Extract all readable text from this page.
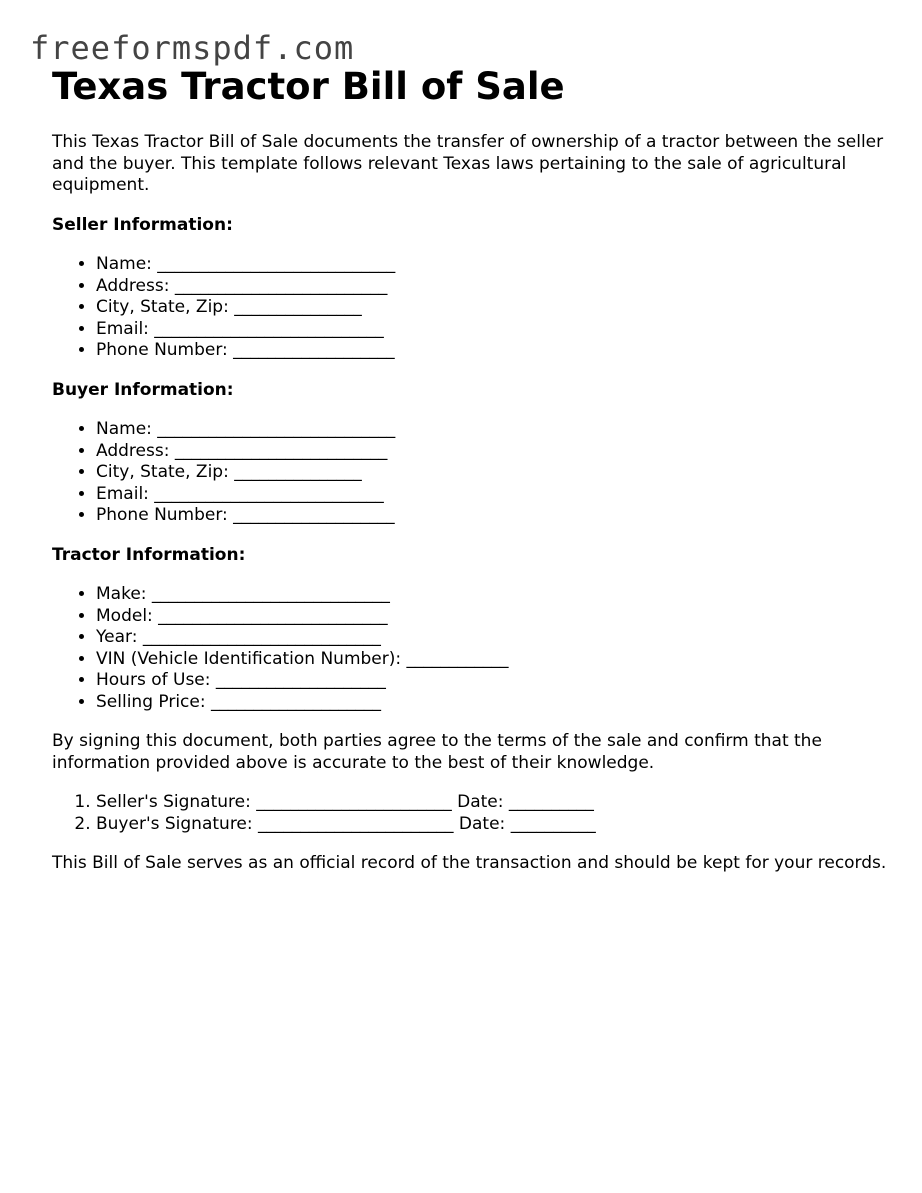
freeformspdf.com
Texas Tractor Bill of Sale

This Texas Tractor Bill of Sale documents the transfer of ownership of a tractor between the seller and the buyer. This template follows relevant Texas laws pertaining to the sale of agricultural equipment.

Seller Information:

• Name: ____________________________
• Address: _________________________
• City, State, Zip: _______________
• Email: ___________________________
• Phone Number: ___________________

Buyer Information:

• Name: ____________________________
• Address: _________________________
• City, State, Zip: _______________
• Email: ___________________________
• Phone Number: ___________________

Tractor Information:

• Make: ____________________________
• Model: ___________________________
• Year: ____________________________
• VIN (Vehicle Identification Number): ____________
• Hours of Use: ____________________
• Selling Price: ____________________

By signing this document, both parties agree to the terms of the sale and confirm that the information provided above is accurate to the best of their knowledge.

1. Seller's Signature: _______________________ Date: __________
2. Buyer's Signature: _______________________ Date: __________

This Bill of Sale serves as an official record of the transaction and should be kept for your records.
